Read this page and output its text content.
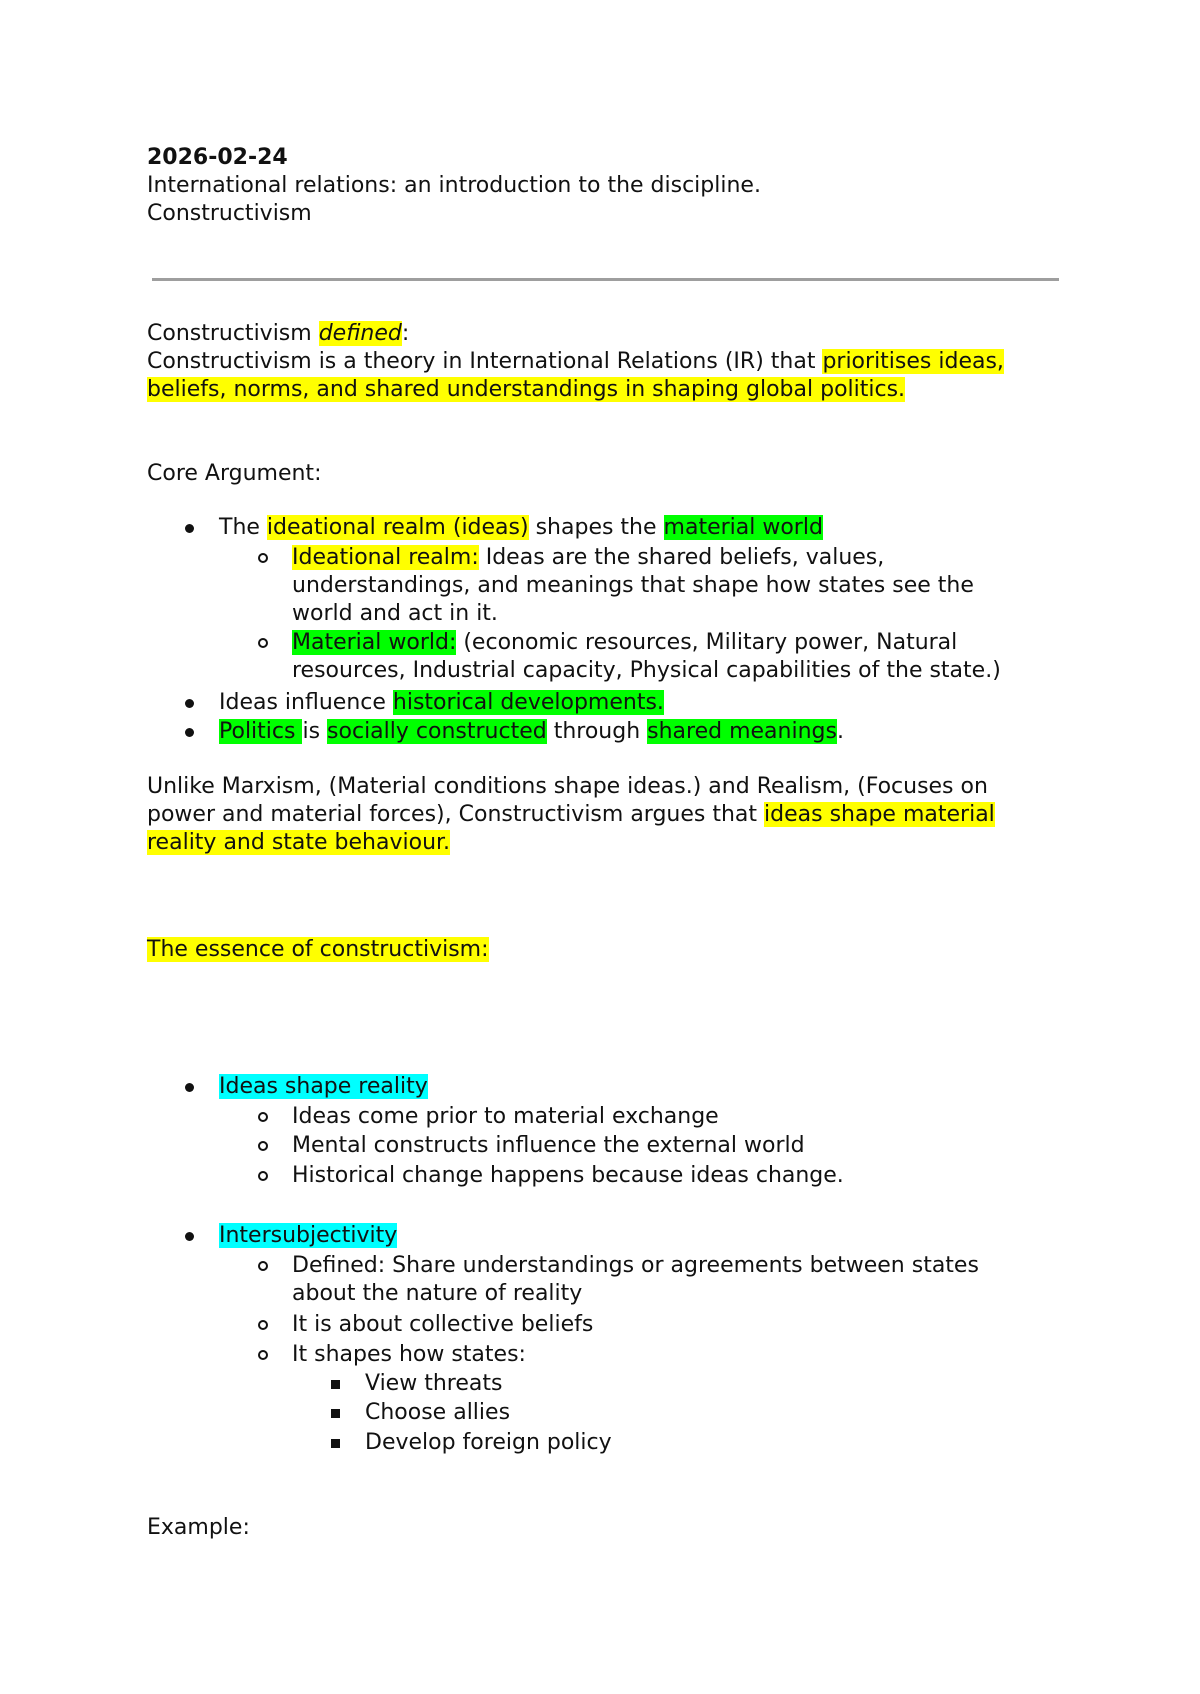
2026-02-24
International relations: an introduction to the discipline.
Constructivism
Constructivism defined:
Constructivism is a theory in International Relations (IR) that prioritises ideas,
beliefs, norms, and shared understandings in shaping global politics.
Core Argument:
The ideational realm (ideas) shapes the material world
Ideational realm: Ideas are the shared beliefs, values,
understandings, and meanings that shape how states see the
world and act in it.
Material world: (economic resources, Military power, Natural
resources, Industrial capacity, Physical capabilities of the state.)
Ideas influence historical developments.
Politics is socially constructed through shared meanings.
Unlike Marxism, (Material conditions shape ideas.) and Realism, (Focuses on
power and material forces), Constructivism argues that ideas shape material
reality and state behaviour.
The essence of constructivism:
Ideas shape reality
Ideas come prior to material exchange
Mental constructs influence the external world
Historical change happens because ideas change.
Intersubjectivity
Defined: Share understandings or agreements between states
about the nature of reality
It is about collective beliefs
It shapes how states:
View threats
Choose allies
Develop foreign policy
Example:
